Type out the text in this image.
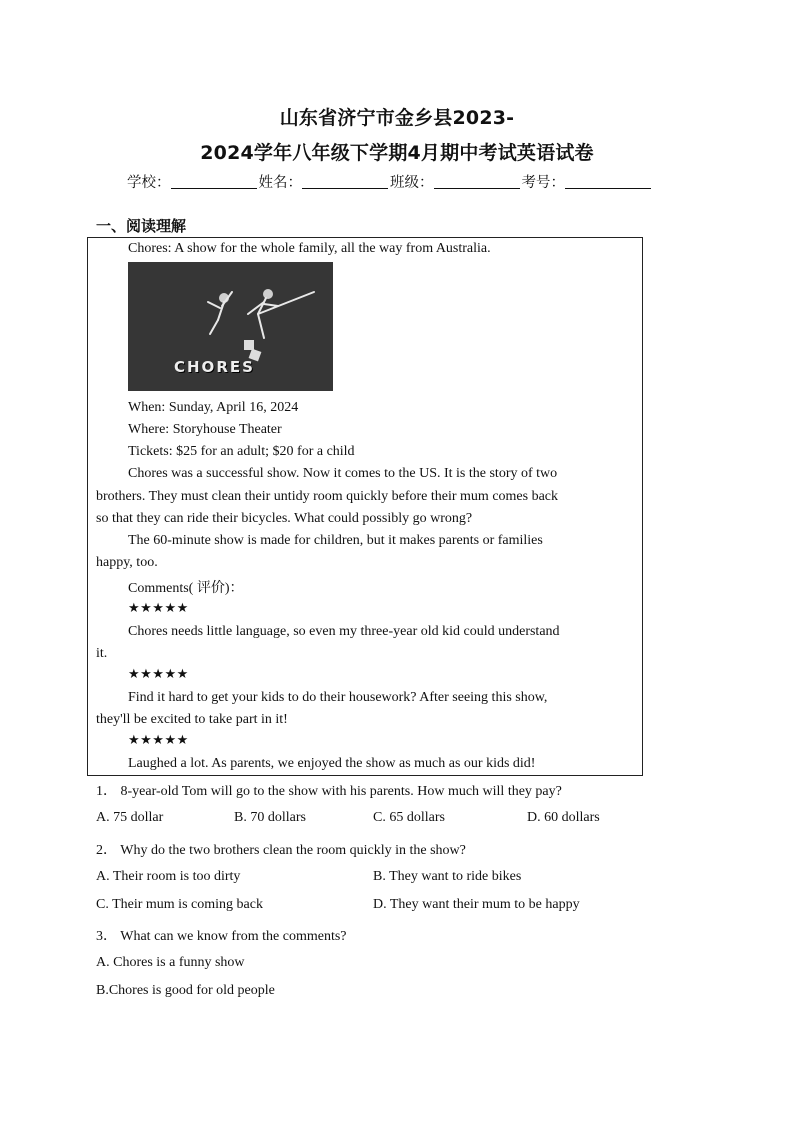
山东省济宁市金乡县2023-
2024学年八年级下学期4月期中考试英语试卷
学校：	姓名：	班级：	考号：
一、阅读理解
Chores: A show for the whole family, all the way from Australia.
CHORES
When: Sunday, April 16, 2024
Where: Storyhouse Theater
Tickets: $25 for an adult; $20 for a child
Chores was a successful show. Now it comes to the US. It is the story of two
brothers. They must clean their untidy room quickly before their mum comes back
so that they can ride their bicycles. What could possibly go wrong?
The 60-minute show is made for children, but it makes parents or families
happy, too.
Comments( 评价)：
★★★★★
Chores needs little language, so even my three-year old kid could understand
it.
★★★★★
Find it hard to get your kids to do their housework? After seeing this show,
they'll be excited to take part in it!
★★★★★
Laughed a lot. As parents, we enjoyed the show as much as our kids did!
1． 8-year-old Tom will go to the show with his parents. How much will they pay?
A. 75 dollar	B. 70 dollars	C. 65 dollars	D. 60 dollars
2． Why do the two brothers clean the room quickly in the show?
A. Their room is too dirty	B. They want to ride bikes
C. Their mum is coming back	D. They want their mum to be happy
3． What can we know from the comments?
A. Chores is a funny show
B.Chores is good for old people
